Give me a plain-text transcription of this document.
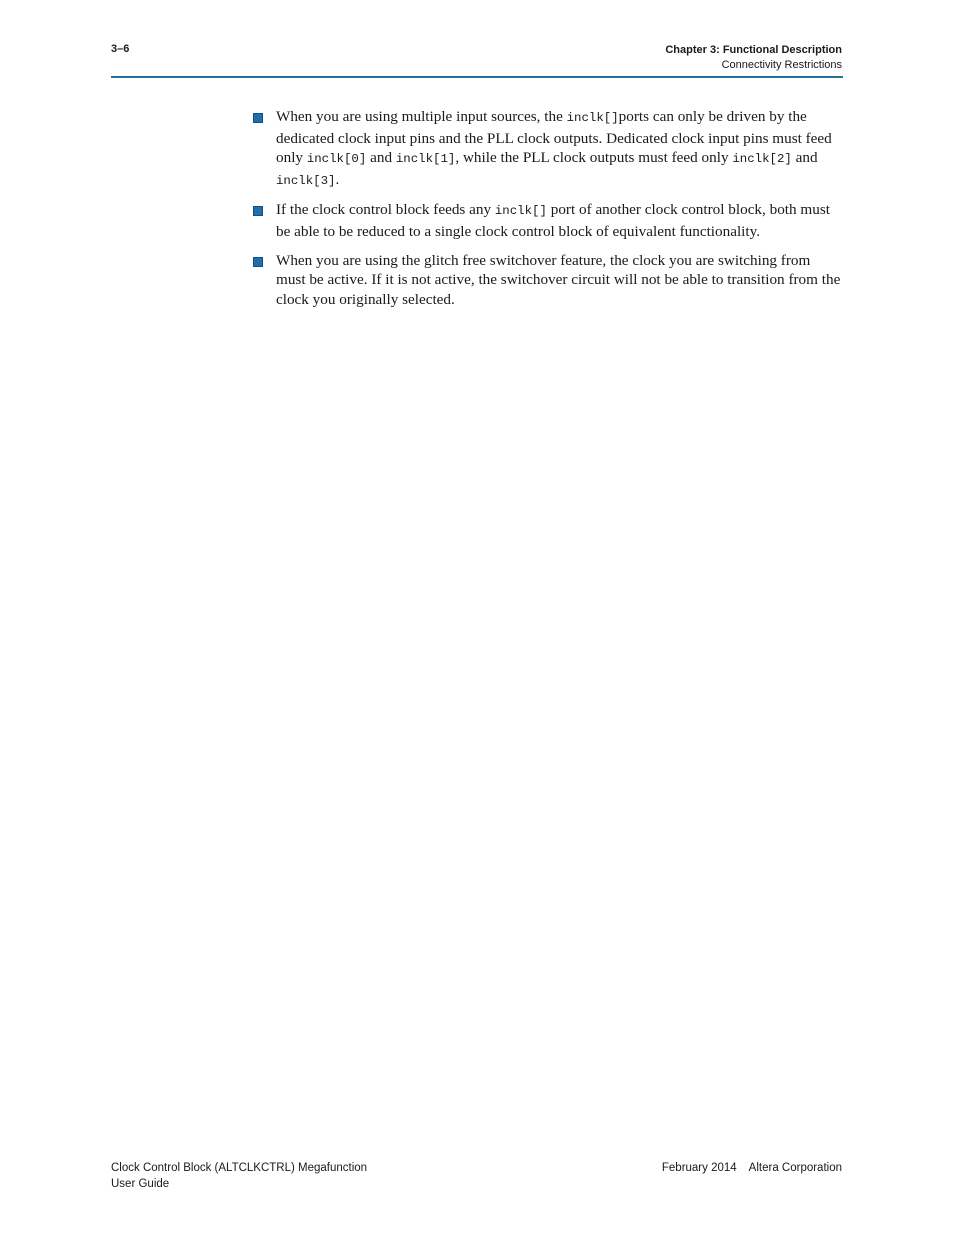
3–6	Chapter 3: Functional Description
Connectivity Restrictions
When you are using multiple input sources, the inclk[]ports can only be driven by the dedicated clock input pins and the PLL clock outputs. Dedicated clock input pins must feed only inclk[0] and inclk[1], while the PLL clock outputs must feed only inclk[2] and inclk[3].
If the clock control block feeds any inclk[] port of another clock control block, both must be able to be reduced to a single clock control block of equivalent functionality.
When you are using the glitch free switchover feature, the clock you are switching from must be active. If it is not active, the switchover circuit will not be able to transition from the clock you originally selected.
Clock Control Block (ALTCLKCTRL) Megafunction
User Guide
February 2014 Altera Corporation
